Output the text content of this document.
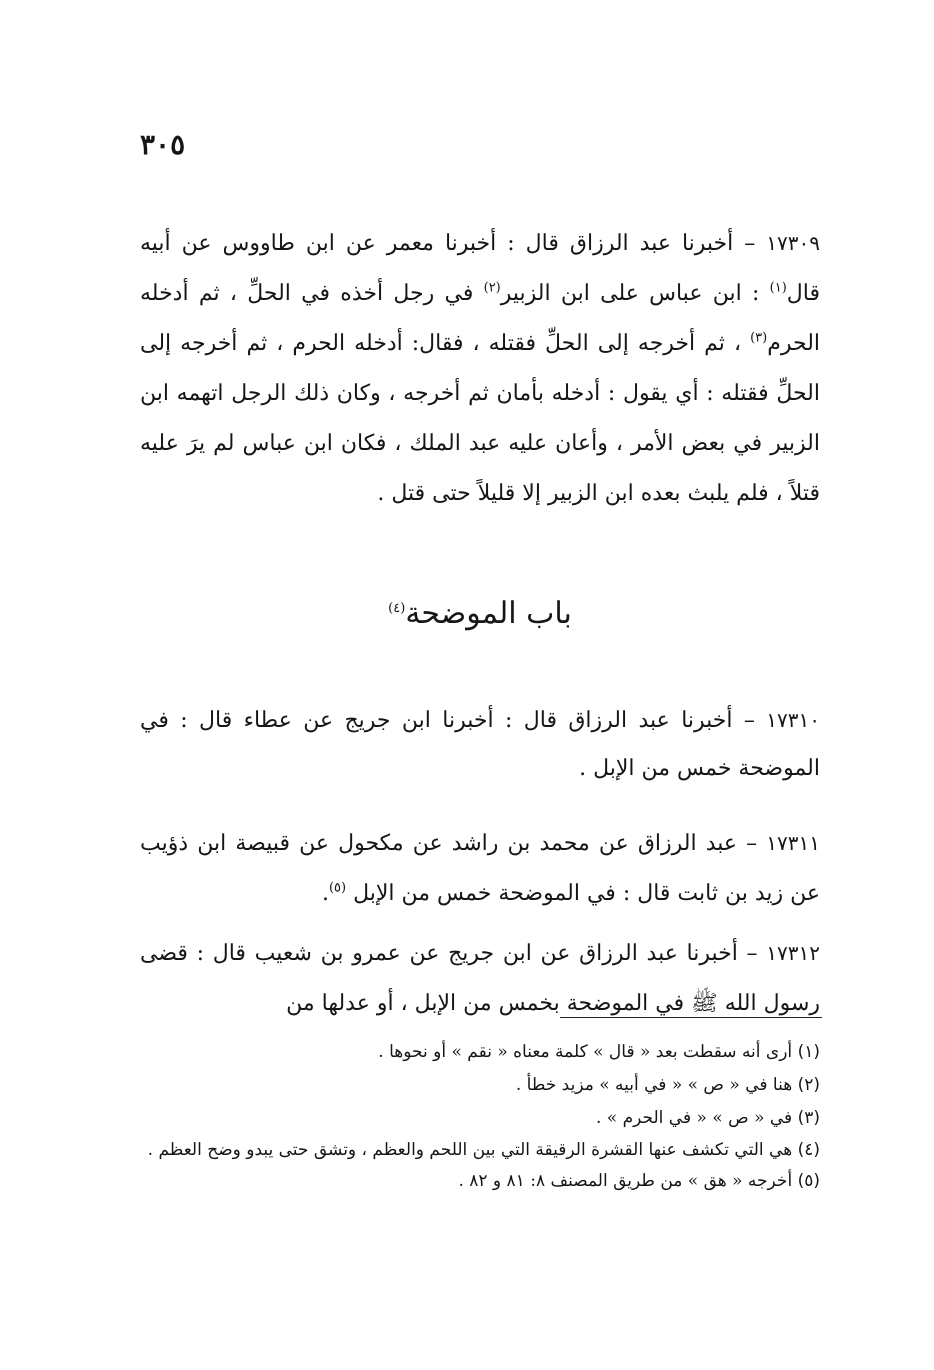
٣٠٥

١٧٣٠٩ – أخبرنا عبد الرزاق قال : أخبرنا معمر عن ابن طاووس عن أبيه قال$^{(١)}$ : ابن عباس على ابن الزبير$^{(٢)}$ في رجل أخذه في الحلِّ ، ثم أدخله الحرم$^{(٣)}$ ، ثم أخرجه إلى الحلِّ فقتله ، فقال: أدخله الحرم ، ثم أخرجه إلى الحلِّ فقتله : أي يقول : أدخله بأمان ثم أخرجه ، وكان ذلك الرجل اتهمه ابن الزبير في بعض الأمر ، وأعان عليه عبد الملك ، فكان ابن عباس لم يرَ عليه قتلاً ، فلم يلبث بعده ابن الزبير إلا قليلاً حتى قتل .

باب الموضحة$^{(٤)}$

١٧٣١٠ – أخبرنا عبد الرزاق قال : أخبرنا ابن جريج عن عطاء قال : في الموضحة خمس من الإبل .

١٧٣١١ – عبد الرزاق عن محمد بن راشد عن مكحول عن قبيصة ابن ذؤيب عن زيد بن ثابت قال : في الموضحة خمس من الإبل $^{(٥)}$.

١٧٣١٢ – أخبرنا عبد الرزاق عن ابن جريج عن عمرو بن شعيب قال : قضى رسول الله ﷺ في الموضحة بخمس من الإبل ، أو عدلها من

(١) أرى أنه سقطت بعد « قال » كلمة معناه « نقم » أو نحوها .
(٢) هنا في « ص » « في أبيه » مزيد خطأ .
(٣) في « ص » « في الحرم » .
(٤) هي التي تكشف عنها القشرة الرقيقة التي بين اللحم والعظم ، وتشق حتى يبدو وضح العظم .
(٥) أخرجه « هق » من طريق المصنف ٨: ٨١ و ٨٢ .
